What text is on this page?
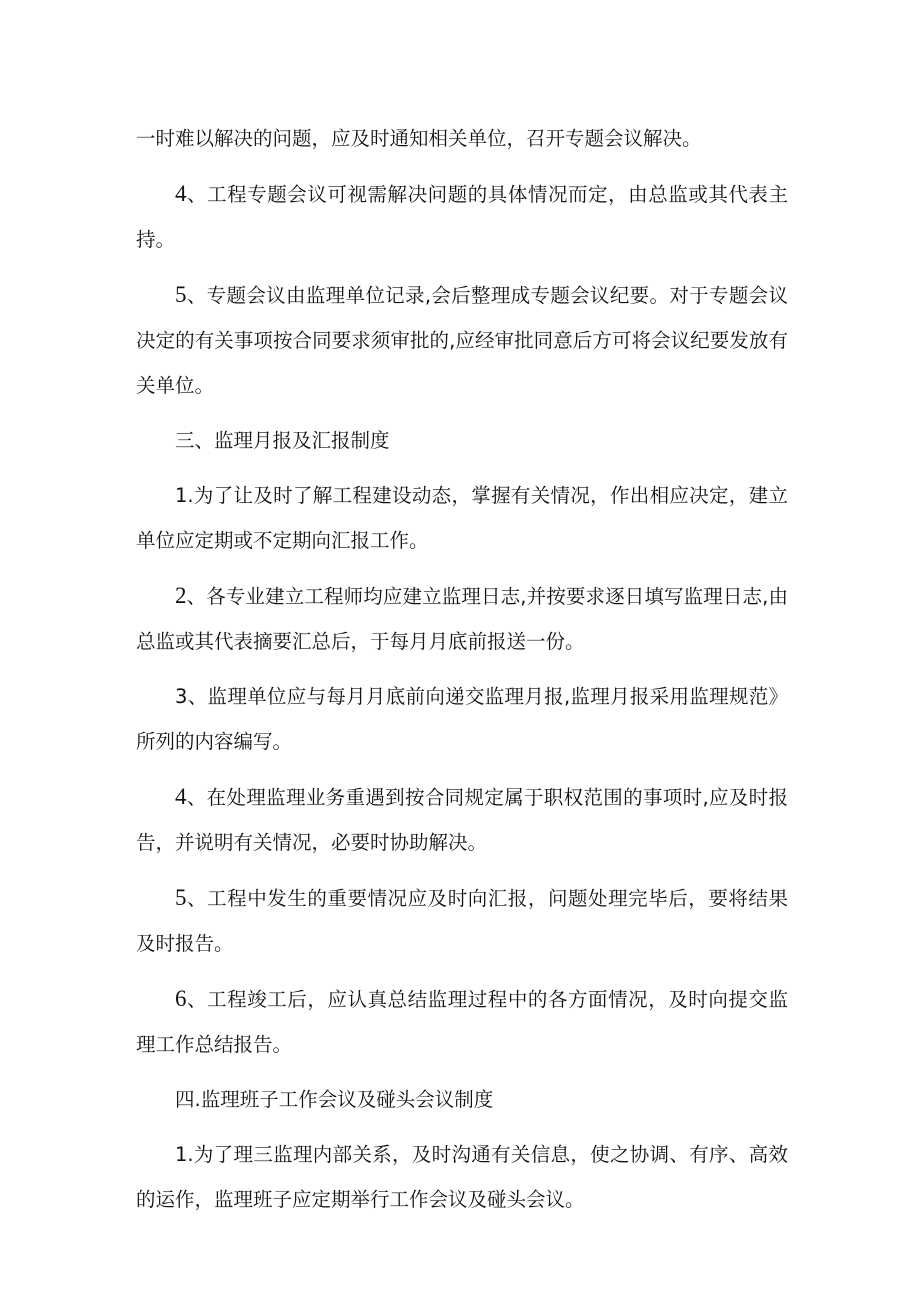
一时难以解决的问题，应及时通知相关单位，召开专题会议解决。

4、工程专题会议可视需解决问题的具体情况而定，由总监或其代表主持。

5、专题会议由监理单位记录,会后整理成专题会议纪要。对于专题会议决定的有关事项按合同要求须审批的,应经审批同意后方可将会议纪要发放有关单位。

三、监理月报及汇报制度

1.为了让及时了解工程建设动态，掌握有关情况，作出相应决定，建立单位应定期或不定期向汇报工作。

2、各专业建立工程师均应建立监理日志,并按要求逐日填写监理日志,由总监或其代表摘要汇总后，于每月月底前报送一份。

3、监理单位应与每月月底前向递交监理月报,监理月报采用监理规范》所列的内容编写。

4、在处理监理业务重遇到按合同规定属于职权范围的事项时,应及时报告，并说明有关情况，必要时协助解决。

5、工程中发生的重要情况应及时向汇报，问题处理完毕后，要将结果及时报告。

6、工程竣工后，应认真总结监理过程中的各方面情况，及时向提交监理工作总结报告。

四.监理班子工作会议及碰头会议制度

1.为了理三监理内部关系，及时沟通有关信息，使之协调、有序、高效的运作，监理班子应定期举行工作会议及碰头会议。
